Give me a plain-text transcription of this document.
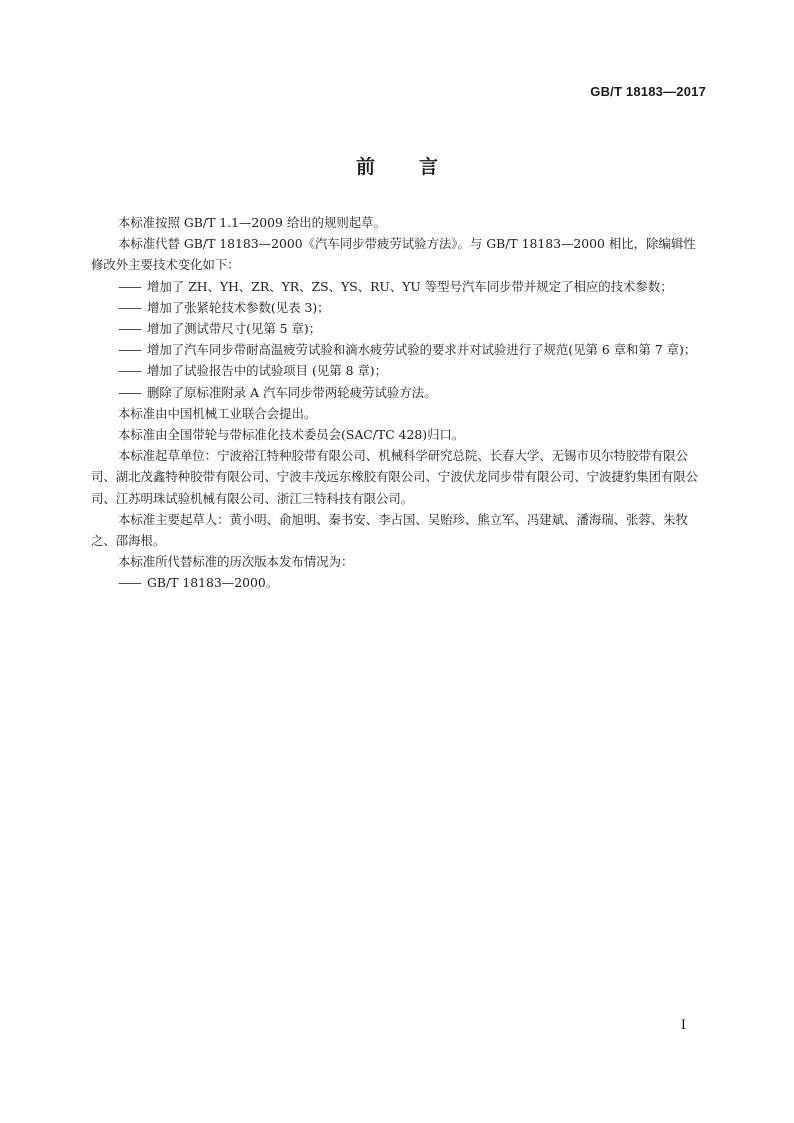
GB/T 18183—2017
前言

本标准按照 GB/T 1.1—2009 给出的规则起草。

本标准代替 GB/T 18183—2000《汽车同步带疲劳试验方法》。与 GB/T 18183—2000 相比，除编辑性修改外主要技术变化如下：

—— 增加了 ZH、YH、ZR、YR、ZS、YS、RU、YU 等型号汽车同步带并规定了相应的技术参数；

—— 增加了张紧轮技术参数(见表 3)；

—— 增加了测试带尺寸(见第 5 章)；

—— 增加了汽车同步带耐高温疲劳试验和滴水疲劳试验的要求并对试验进行了规范(见第 6 章和第 7 章)；

—— 增加了试验报告中的试验项目 (见第 8 章)；

—— 删除了原标准附录 A 汽车同步带两轮疲劳试验方法。

本标准由中国机械工业联合会提出。

本标准由全国带轮与带标准化技术委员会(SAC/TC 428)归口。

本标准起草单位：宁波裕江特种胶带有限公司、机械科学研究总院、长春大学、无锡市贝尔特胶带有限公司、湖北茂鑫特种胶带有限公司、宁波丰茂远东橡胶有限公司、宁波伏龙同步带有限公司、宁波捷豹集团有限公司、江苏明珠试验机械有限公司、浙江三特科技有限公司。

本标准主要起草人：黄小明、俞旭明、秦书安、李占国、吴贻珍、熊立军、冯建斌、潘海瑞、张蓉、朱牧之、邵海根。

本标准所代替标准的历次版本发布情况为：

—— GB/T 18183—2000。

I
